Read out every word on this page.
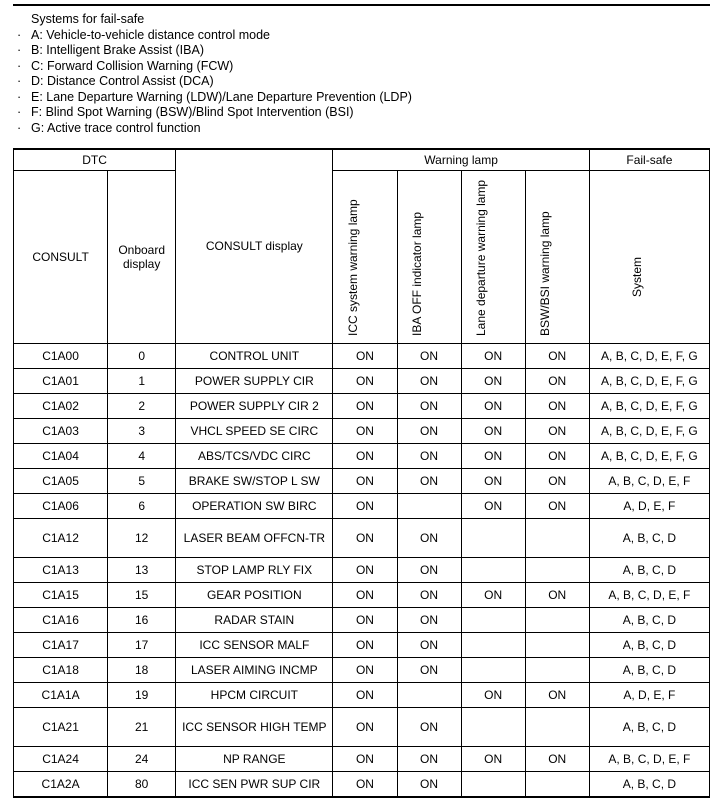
Systems for fail-safe
· A: Vehicle-to-vehicle distance control mode
· B: Intelligent Brake Assist (IBA)
· C: Forward Collision Warning (FCW)
· D: Distance Control Assist (DCA)
· E: Lane Departure Warning (LDW)/Lane Departure Prevention (LDP)
· F: Blind Spot Warning (BSW)/Blind Spot Intervention (BSI)
· G: Active trace control function
DTC		CONSULT display	Warning lamp				Fail-safe
CONSULT	Onboard display		ICC system warning lamp	IBA OFF indicator lamp	Lane departure warning lamp	BSW/BSI warning lamp	System

C1A00	0	CONTROL UNIT	ON	ON	ON	ON	A, B, C, D, E, F, G
C1A01	1	POWER SUPPLY CIR	ON	ON	ON	ON	A, B, C, D, E, F, G
C1A02	2	POWER SUPPLY CIR 2	ON	ON	ON	ON	A, B, C, D, E, F, G
C1A03	3	VHCL SPEED SE CIRC	ON	ON	ON	ON	A, B, C, D, E, F, G
C1A04	4	ABS/TCS/VDC CIRC	ON	ON	ON	ON	A, B, C, D, E, F, G
C1A05	5	BRAKE SW/STOP L SW	ON	ON	ON	ON	A, B, C, D, E, F
C1A06	6	OPERATION SW BIRC	ON		ON	ON	A, D, E, F
C1A12	12	LASER BEAM OFFCN-TR	ON	ON			A, B, C, D
C1A13	13	STOP LAMP RLY FIX	ON	ON			A, B, C, D
C1A15	15	GEAR POSITION	ON	ON	ON	ON	A, B, C, D, E, F
C1A16	16	RADAR STAIN	ON	ON			A, B, C, D
C1A17	17	ICC SENSOR MALF	ON	ON			A, B, C, D
C1A18	18	LASER AIMING INCMP	ON	ON			A, B, C, D
C1A1A	19	HPCM CIRCUIT	ON		ON	ON	A, D, E, F
C1A21	21	ICC SENSOR HIGH TEMP	ON	ON			A, B, C, D
C1A24	24	NP RANGE	ON	ON	ON	ON	A, B, C, D, E, F
C1A2A	80	ICC SEN PWR SUP CIR	ON	ON			A, B, C, D
